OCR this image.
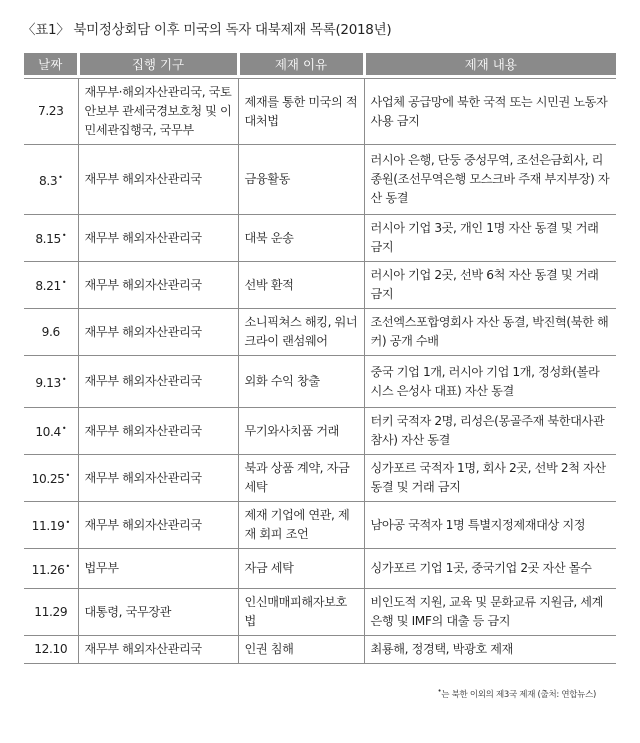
〈표1〉 북미정상회담 이후 미국의 독자 대북제재 목록(2018년)
날짜	집행 기구	제재 이유	제재 내용

7.23	재무부·해외자산관리국, 국토안보부 관세국경보호청 및 이민세관집행국, 국무부	제재를 통한 미국의 적 대처법	사업체 공급망에 북한 국적 또는 시민권 노동자 사용 금지
8.3•	재무부 해외자산관리국	금융활동	러시아 은행, 단둥 중성무역, 조선은금회사, 리종원(조선무역은행 모스크바 주재 부지부장) 자산 동결
8.15•	재무부 해외자산관리국	대북 운송	러시아 기업 3곳, 개인 1명 자산 동결 및 거래 금지
8.21•	재무부 해외자산관리국	선박 환적	러시아 기업 2곳, 선박 6척 자산 동결 및 거래 금지
9.6	재무부 해외자산관리국	소니픽쳐스 해킹, 워너크라이 랜섬웨어	조선엑스포합영회사 자산 동결, 박진혁(북한 해커) 공개 수배
9.13•	재무부 해외자산관리국	외화 수익 창출	중국 기업 1개, 러시아 기업 1개, 정성화(볼라시스 은성사 대표) 자산 동결
10.4•	재무부 해외자산관리국	무기와사치품 거래	터키 국적자 2명, 리성은(몽골주재 북한대사관 참사) 자산 동결
10.25•	재무부 해외자산관리국	북과 상품 계약, 자금 세탁	싱가포르 국적자 1명, 회사 2곳, 선박 2척 자산 동결 및 거래 금지
11.19•	재무부 해외자산관리국	제재 기업에 연관, 제재 회피 조언	남아공 국적자 1명 특별지정제재대상 지정
11.26•	법무부	자금 세탁	싱가포르 기업 1곳, 중국기업 2곳 자산 몰수
11.29	대통령, 국무장관	인신매매피해자보호법	비인도적 지원, 교육 및 문화교류 지원금, 세계은행 및 IMF의 대출 등 금지
12.10	재무부 해외자산관리국	인권 침해	최룡해, 정경택, 박광호 제재
•는 북한 이외의 제3국 제재 (출처: 연합뉴스)
